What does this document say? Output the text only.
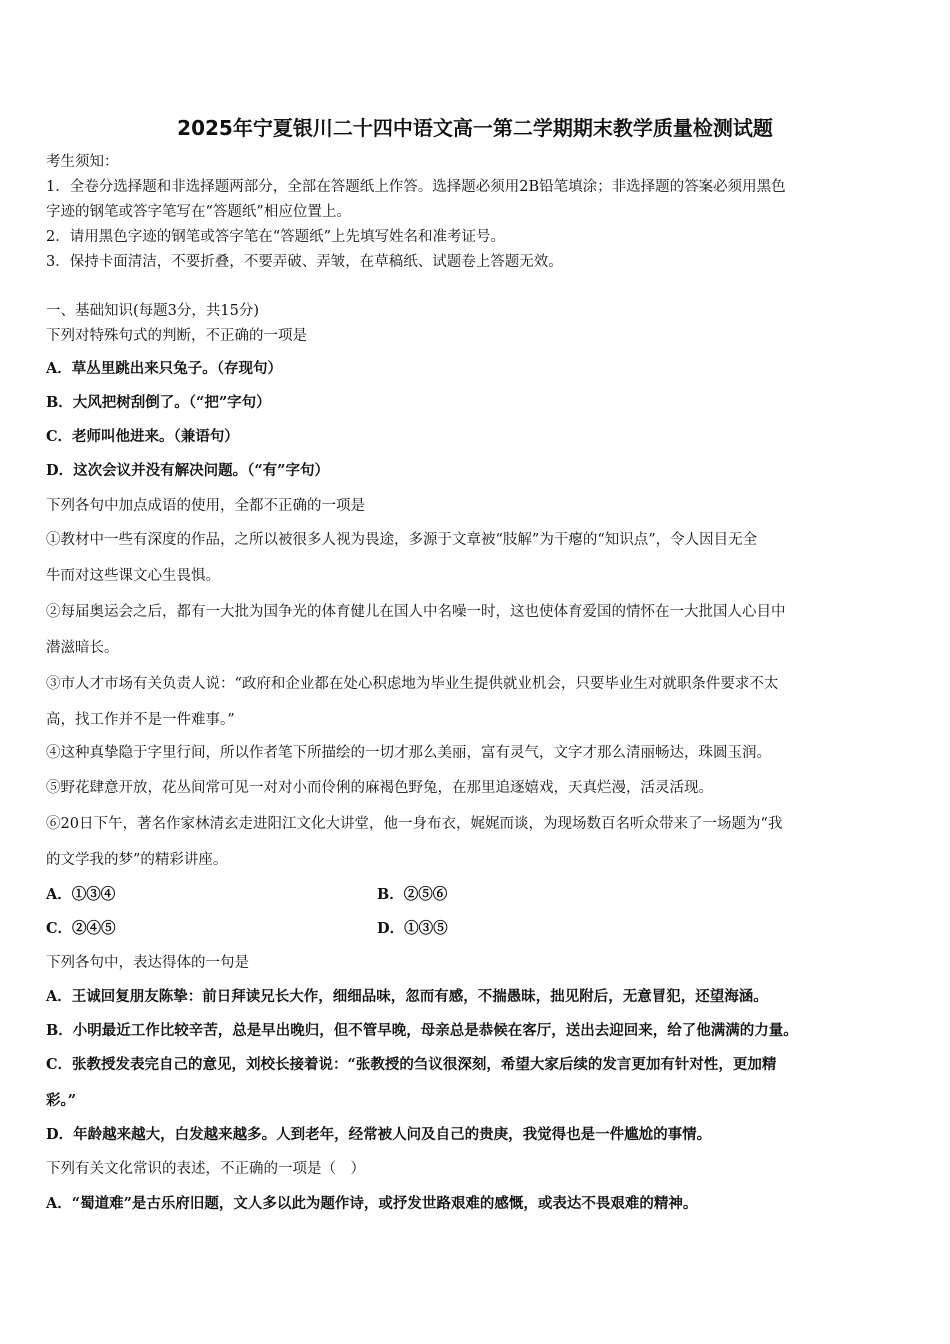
2025年宁夏银川二十四中语文高一第二学期期末教学质量检测试题
考生须知：
1．全卷分选择题和非选择题两部分，全部在答题纸上作答。选择题必须用2B铅笔填涂；非选择题的答案必须用黑色
字迹的钢笔或答字笔写在“答题纸”相应位置上。
2．请用黑色字迹的钢笔或答字笔在“答题纸”上先填写姓名和准考证号。
3．保持卡面清洁，不要折叠，不要弄破、弄皱，在草稿纸、试题卷上答题无效。
一、基础知识(每题3分，共15分)
下列对特殊句式的判断，不正确的一项是
A．草丛里跳出来只兔子。（存现句）
B．大风把树刮倒了。（“把”字句）
C．老师叫他进来。（兼语句）
D．这次会议并没有解决问题。（“有”字句）
下列各句中加点成语的使用，全都不正确的一项是
①教材中一些有深度的作品，之所以被很多人视为畏途，多源于文章被“肢解”为干瘪的“知识点”，令人因目无全
牛而对这些课文心生畏惧。
②每届奥运会之后，都有一大批为国争光的体育健儿在国人中名噪一时，这也使体育爱国的情怀在一大批国人心目中
潜滋暗长。
③市人才市场有关负责人说：“政府和企业都在处心积虑地为毕业生提供就业机会，只要毕业生对就职条件要求不太
高，找工作并不是一件难事。”
④这种真挚隐于字里行间，所以作者笔下所描绘的一切才那么美丽，富有灵气，文字才那么清丽畅达，珠圆玉润。
⑤野花肆意开放，花丛间常可见一对对小而伶俐的麻褐色野兔，在那里追逐嬉戏，天真烂漫，活灵活现。
⑥20日下午，著名作家林清玄走进阳江文化大讲堂，他一身布衣，娓娓而谈，为现场数百名听众带来了一场题为“我
的文学我的梦”的精彩讲座。
A．①③④	B．②⑤⑥
C．②④⑤	D．①③⑤
下列各句中，表达得体的一句是
A．王诚回复朋友陈挚：前日拜读兄长大作，细细品味，忽而有感，不揣愚昧，拙见附后，无意冒犯，还望海涵。
B．小明最近工作比较辛苦，总是早出晚归，但不管早晚，母亲总是恭候在客厅，送出去迎回来，给了他满满的力量。
C．张教授发表完自己的意见，刘校长接着说：“张教授的刍议很深刻，希望大家后续的发言更加有针对性，更加精
彩。”
D．年龄越来越大，白发越来越多。人到老年，经常被人问及自己的贵庚，我觉得也是一件尴尬的事情。
下列有关文化常识的表述，不正确的一项是（　）
A．“蜀道难”是古乐府旧题，文人多以此为题作诗，或抒发世路艰难的感慨，或表达不畏艰难的精神。
